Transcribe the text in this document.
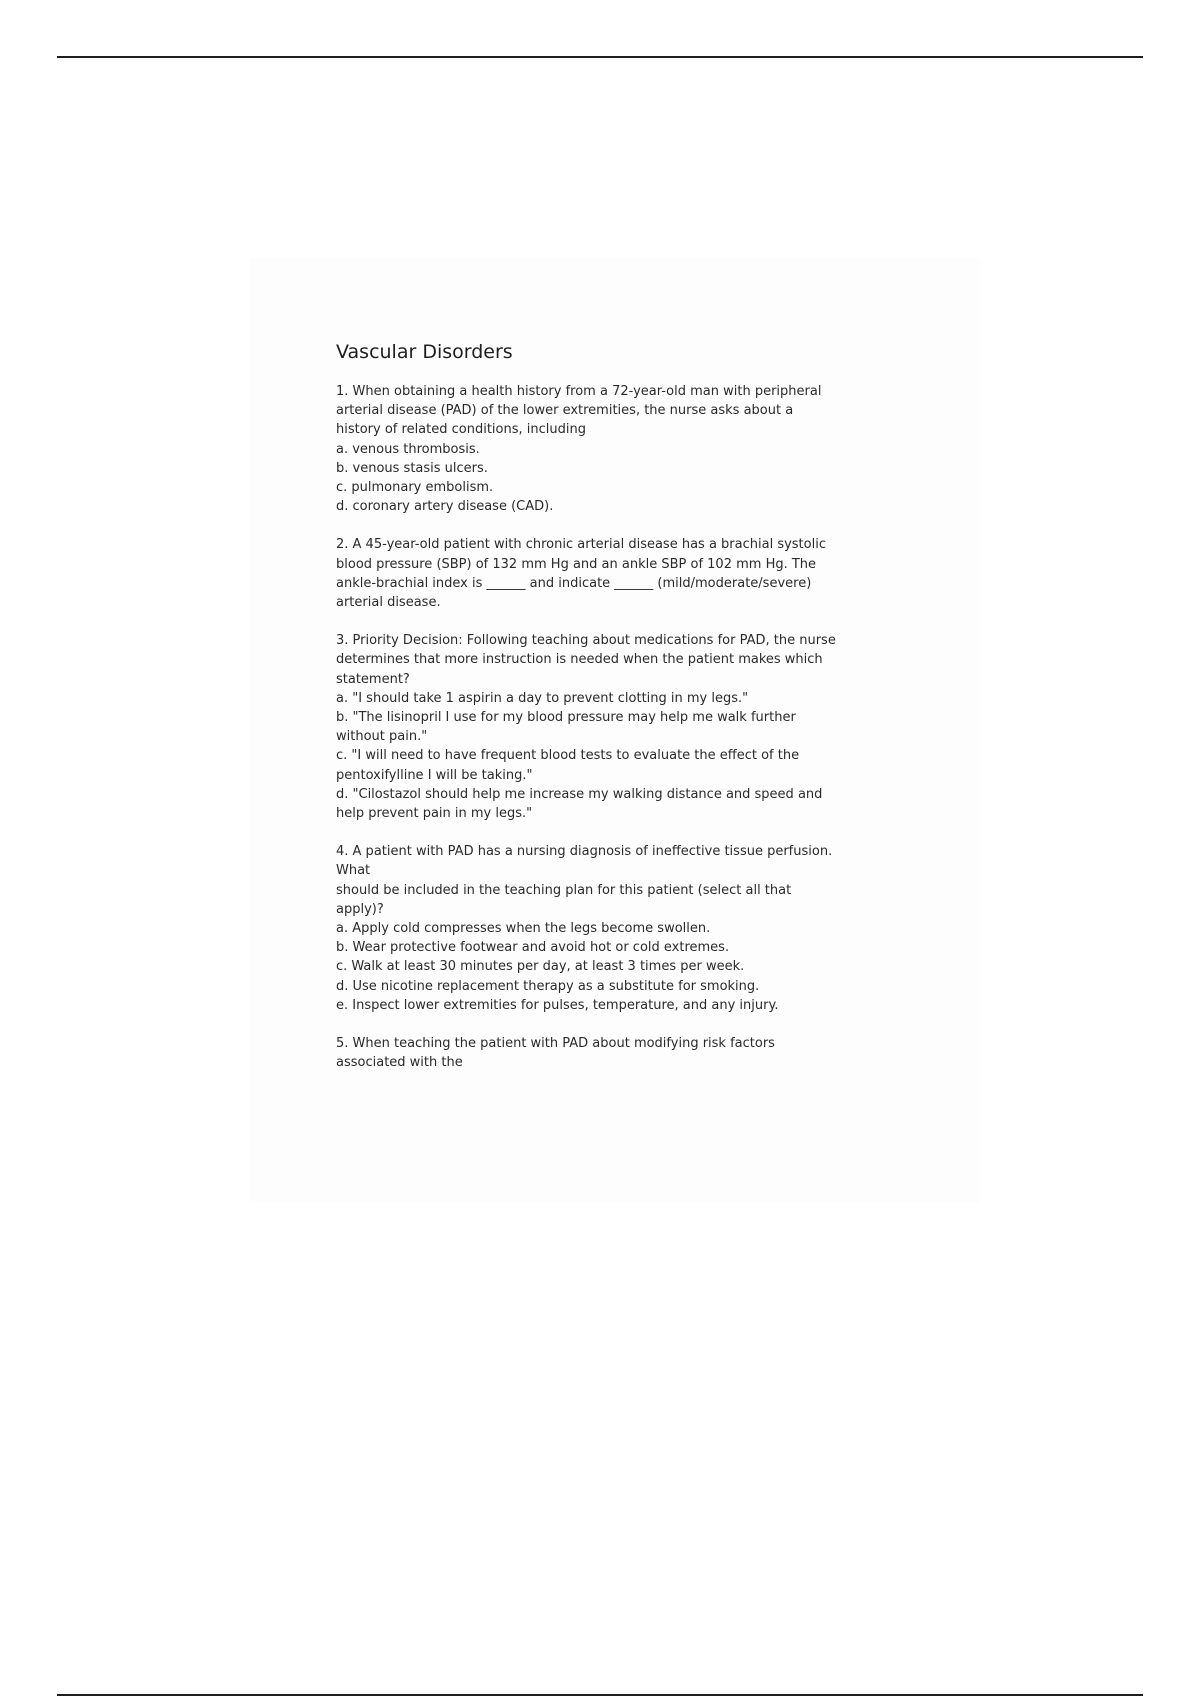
Vascular Disorders
1. When obtaining a health history from a 72-year-old man with peripheral
arterial disease (PAD) of the lower extremities, the nurse asks about a
history of related conditions, including
a. venous thrombosis.
b. venous stasis ulcers.
c. pulmonary embolism.
d. coronary artery disease (CAD).
2. A 45-year-old patient with chronic arterial disease has a brachial systolic
blood pressure (SBP) of 132 mm Hg and an ankle SBP of 102 mm Hg. The
ankle-brachial index is ______ and indicate ______ (mild/moderate/severe)
arterial disease.
3. Priority Decision: Following teaching about medications for PAD, the nurse
determines that more instruction is needed when the patient makes which
statement?
a. "I should take 1 aspirin a day to prevent clotting in my legs."
b. "The lisinopril I use for my blood pressure may help me walk further
without pain."
c. "I will need to have frequent blood tests to evaluate the effect of the
pentoxifylline I will be taking."
d. "Cilostazol should help me increase my walking distance and speed and
help prevent pain in my legs."
4. A patient with PAD has a nursing diagnosis of ineffective tissue perfusion.
What
should be included in the teaching plan for this patient (select all that
apply)?
a. Apply cold compresses when the legs become swollen.
b. Wear protective footwear and avoid hot or cold extremes.
c. Walk at least 30 minutes per day, at least 3 times per week.
d. Use nicotine replacement therapy as a substitute for smoking.
e. Inspect lower extremities for pulses, temperature, and any injury.
5. When teaching the patient with PAD about modifying risk factors
associated with the
